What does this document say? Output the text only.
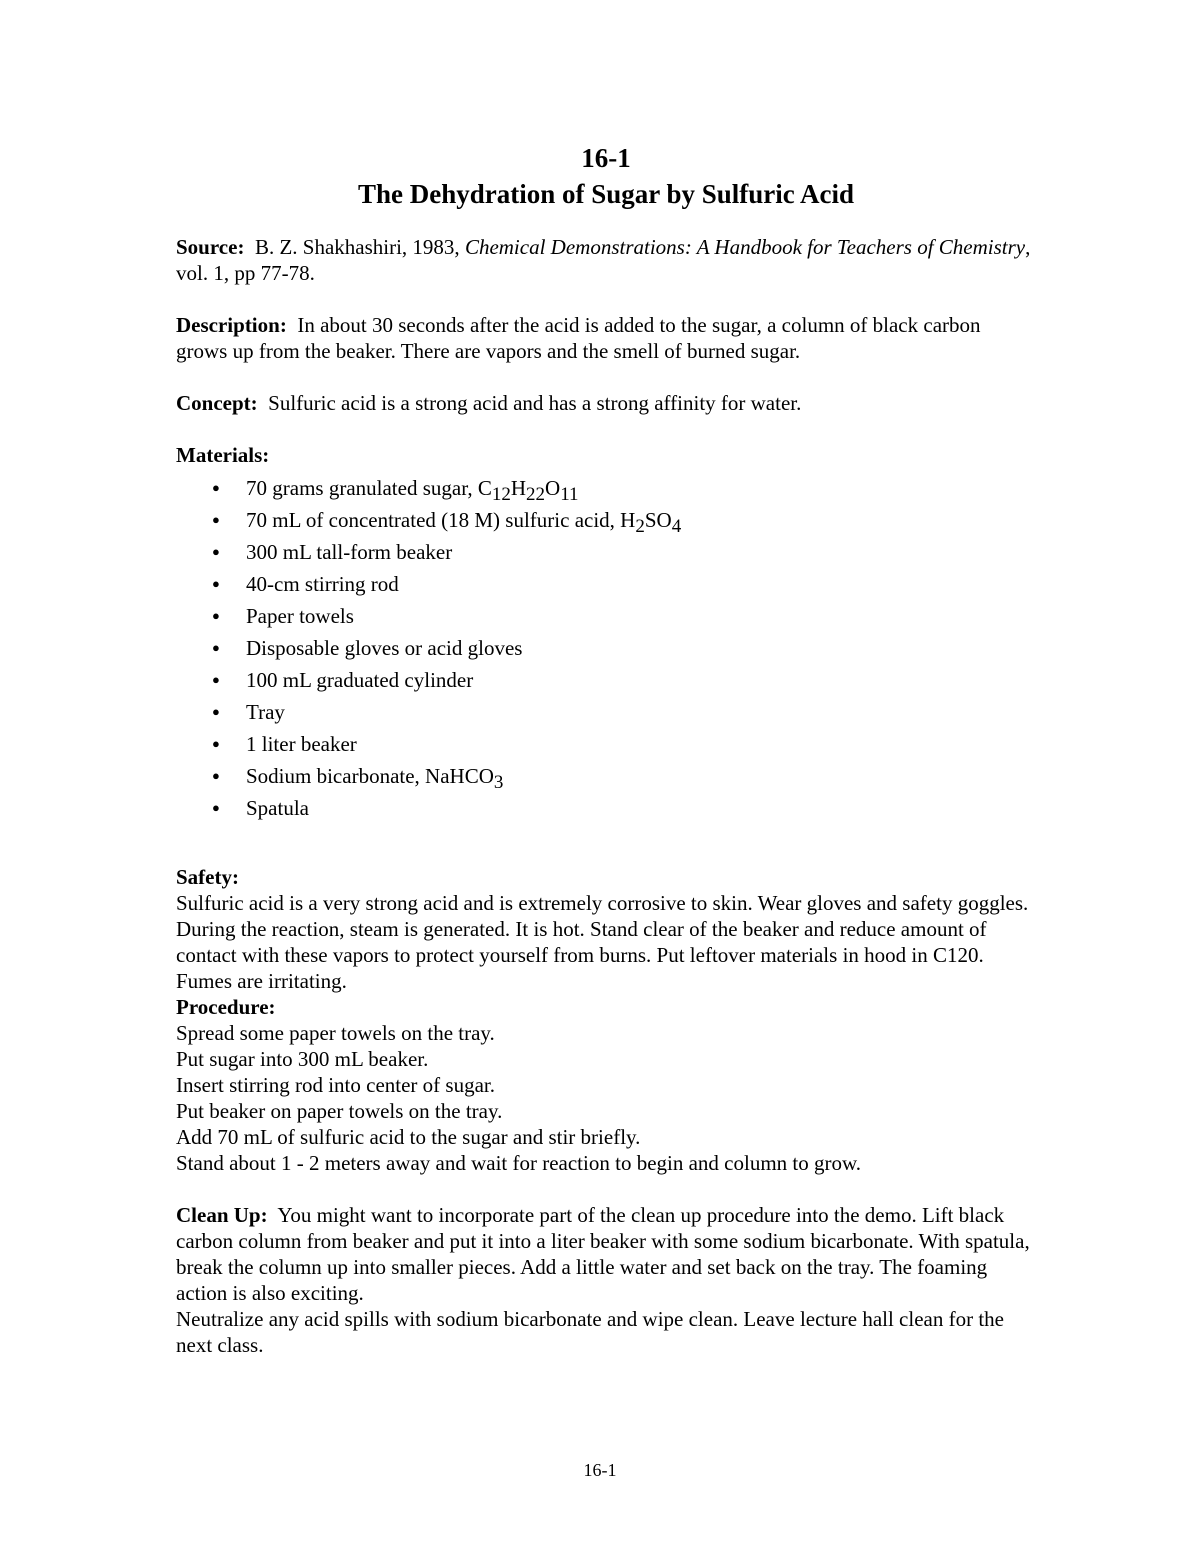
16-1

The Dehydration of Sugar by Sulfuric Acid

Source: B. Z. Shakhashiri, 1983, Chemical Demonstrations: A Handbook for Teachers of Chemistry, vol. 1, pp 77-78.

Description: In about 30 seconds after the acid is added to the sugar, a column of black carbon grows up from the beaker. There are vapors and the smell of burned sugar.

Concept: Sulfuric acid is a strong acid and has a strong affinity for water.

Materials:

● 70 grams granulated sugar, $C_{12}H_{22}O_{11}$
● 70 mL of concentrated (18 M) sulfuric acid, $H_2SO_4$
● 300 mL tall-form beaker
● 40-cm stirring rod
● Paper towels
● Disposable gloves or acid gloves
● 100 mL graduated cylinder
● Tray
● 1 liter beaker
● Sodium bicarbonate, NaHCO$_3$
● Spatula

Safety:

Sulfuric acid is a very strong acid and is extremely corrosive to skin. Wear gloves and safety goggles. During the reaction, steam is generated. It is hot. Stand clear of the beaker and reduce amount of contact with these vapors to protect yourself from burns. Put leftover materials in hood in C120. Fumes are irritating.

Procedure:

Spread some paper towels on the tray.

Put sugar into 300 mL beaker.

Insert stirring rod into center of sugar.

Put beaker on paper towels on the tray.

Add 70 mL of sulfuric acid to the sugar and stir briefly.

Stand about 1 - 2 meters away and wait for reaction to begin and column to grow.

Clean Up: You might want to incorporate part of the clean up procedure into the demo. Lift black carbon column from beaker and put it into a liter beaker with some sodium bicarbonate. With spatula, break the column up into smaller pieces. Add a little water and set back on the tray. The foaming action is also exciting.

Neutralize any acid spills with sodium bicarbonate and wipe clean. Leave lecture hall clean for the next class.

16-1
